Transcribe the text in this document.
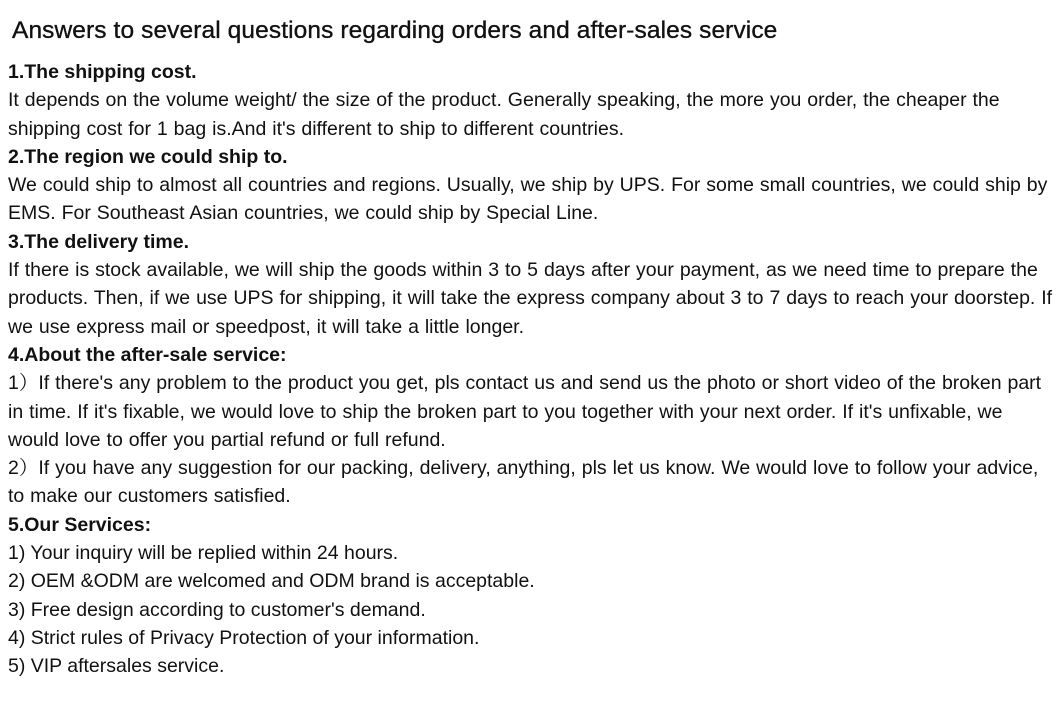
Answers to several questions regarding orders and after-sales service
1.The shipping cost.

It depends on the volume weight/ the size of the product. Generally speaking, the more you order, the cheaper the shipping cost for 1 bag is.And it's different to ship to different countries.

2.The region we could ship to.

We could ship to almost all countries and regions. Usually, we ship by UPS. For some small countries, we could ship by EMS. For Southeast Asian countries, we could ship by Special Line.

3.The delivery time.

If there is stock available, we will ship the goods within 3 to 5 days after your payment, as we need time to prepare the products. Then, if we use UPS for shipping, it will take the express company about 3 to 7 days to reach your doorstep. If we use express mail or speedpost, it will take a little longer.

4.About the after-sale service:

1）If there's any problem to the product you get, pls contact us and send us the photo or short video of the broken part in time. If it's fixable, we would love to ship the broken part to you together with your next order. If it's unfixable, we would love to offer you partial refund or full refund.

2）If you have any suggestion for our packing, delivery, anything, pls let us know. We would love to follow your advice, to make our customers satisfied.

5.Our Services:
1) Your inquiry will be replied within 24 hours.
2) OEM &ODM are welcomed and ODM brand is acceptable.
3) Free design according to customer's demand.
4) Strict rules of Privacy Protection of your information.
5) VIP aftersales service.
